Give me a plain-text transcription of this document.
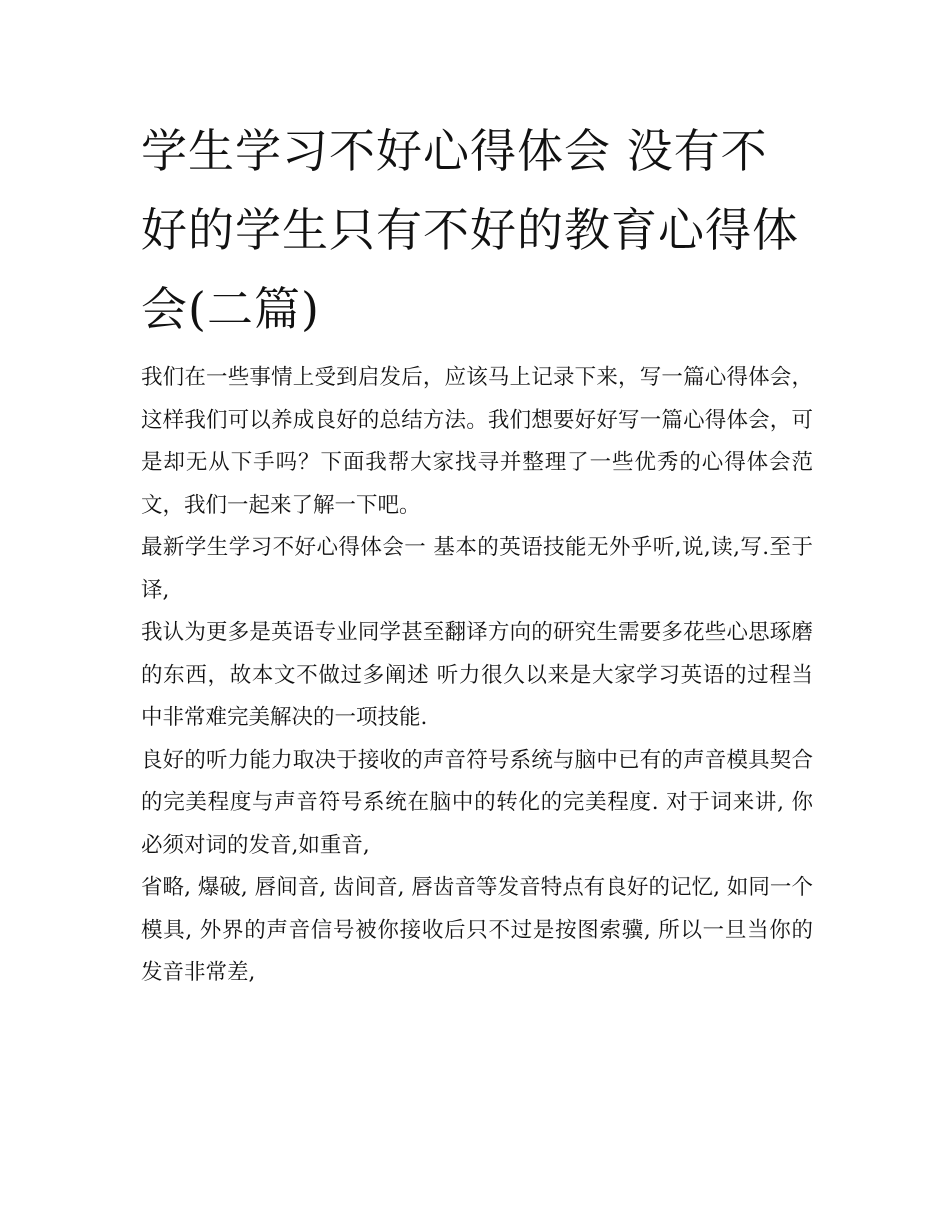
学生学习不好心得体会 没有不好的学生只有不好的教育心得体会(二篇)

我们在一些事情上受到启发后，应该马上记录下来，写一篇心得体会，这样我们可以养成良好的总结方法。我们想要好好写一篇心得体会，可是却无从下手吗？下面我帮大家找寻并整理了一些优秀的心得体会范文，我们一起来了解一下吧。

最新学生学习不好心得体会一 基本的英语技能无外乎听,说,读,写.至于译,

我认为更多是英语专业同学甚至翻译方向的研究生需要多花些心思琢磨的东西，故本文不做过多阐述 听力很久以来是大家学习英语的过程当中非常难完美解决的一项技能.

良好的听力能力取决于接收的声音符号系统与脑中已有的声音模具契合的完美程度与声音符号系统在脑中的转化的完美程度. 对于词来讲, 你必须对词的发音,如重音,

省略, 爆破, 唇间音, 齿间音, 唇齿音等发音特点有良好的记忆, 如同一个模具, 外界的声音信号被你接收后只不过是按图索骥, 所以一旦当你的发音非常差,
